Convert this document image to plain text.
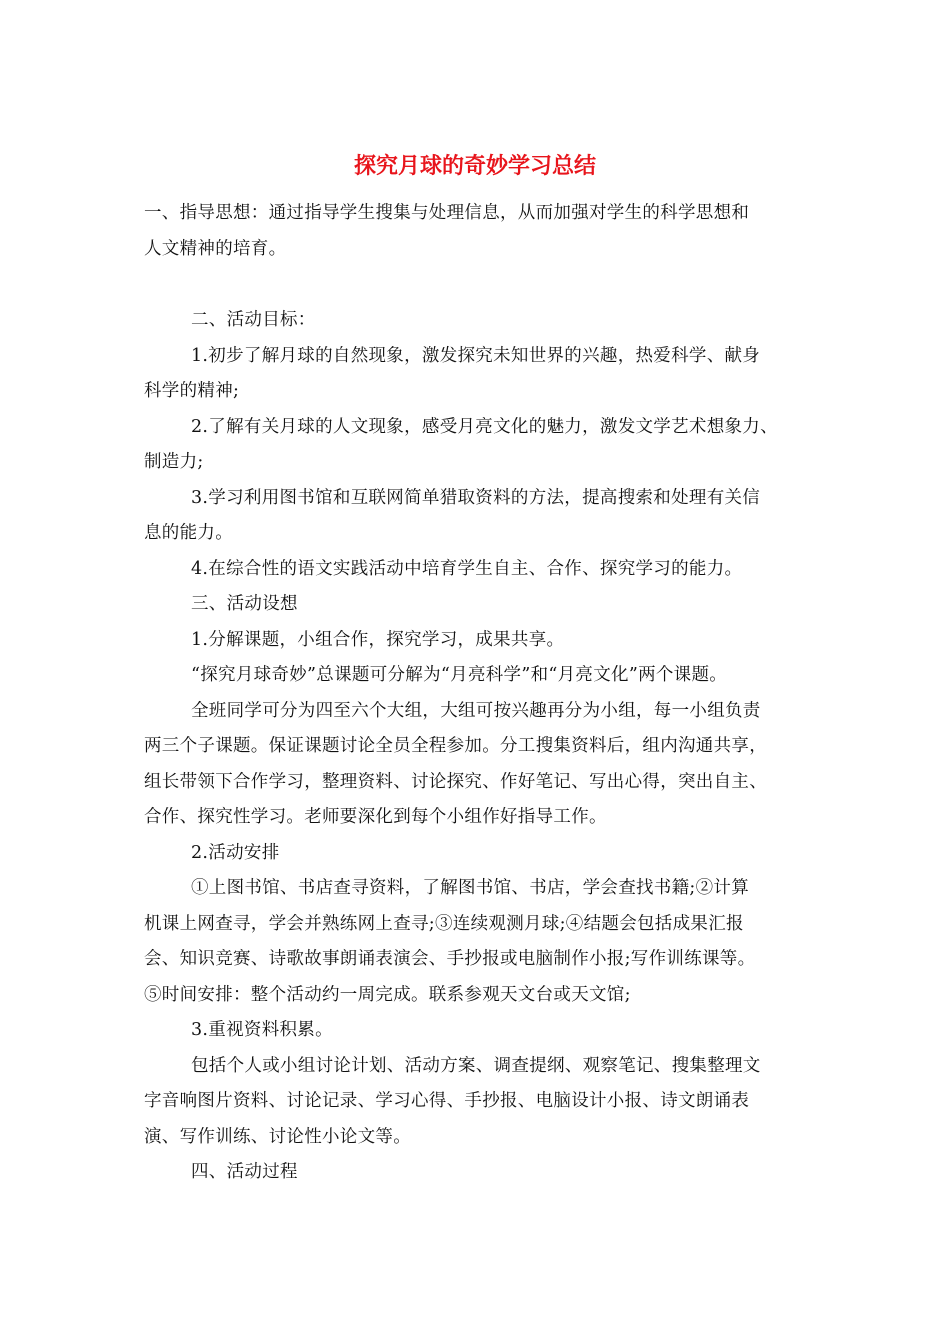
探究月球的奇妙学习总结

一、指导思想：通过指导学生搜集与处理信息，从而加强对学生的科学思想和

人文精神的培育。

二、活动目标：

1.初步了解月球的自然现象，激发探究未知世界的兴趣，热爱科学、献身

科学的精神;

2.了解有关月球的人文现象，感受月亮文化的魅力，激发文学艺术想象力、

制造力;

3.学习利用图书馆和互联网简单猎取资料的方法，提高搜索和处理有关信

息的能力。

4.在综合性的语文实践活动中培育学生自主、合作、探究学习的能力。

三、活动设想

1.分解课题，小组合作，探究学习，成果共享。

“探究月球奇妙”总课题可分解为“月亮科学”和“月亮文化”两个课题。

全班同学可分为四至六个大组，大组可按兴趣再分为小组，每一小组负责

两三个子课题。保证课题讨论全员全程参加。分工搜集资料后，组内沟通共享，

组长带领下合作学习，整理资料、讨论探究、作好笔记、写出心得，突出自主、

合作、探究性学习。老师要深化到每个小组作好指导工作。

2.活动安排

①上图书馆、书店查寻资料，了解图书馆、书店，学会查找书籍;②计算

机课上网查寻，学会并熟练网上查寻;③连续观测月球;④结题会包括成果汇报

会、知识竞赛、诗歌故事朗诵表演会、手抄报或电脑制作小报;写作训练课等。

⑤时间安排：整个活动约一周完成。联系参观天文台或天文馆;

3.重视资料积累。

包括个人或小组讨论计划、活动方案、调查提纲、观察笔记、搜集整理文

字音响图片资料、讨论记录、学习心得、手抄报、电脑设计小报、诗文朗诵表

演、写作训练、讨论性小论文等。

四、活动过程
